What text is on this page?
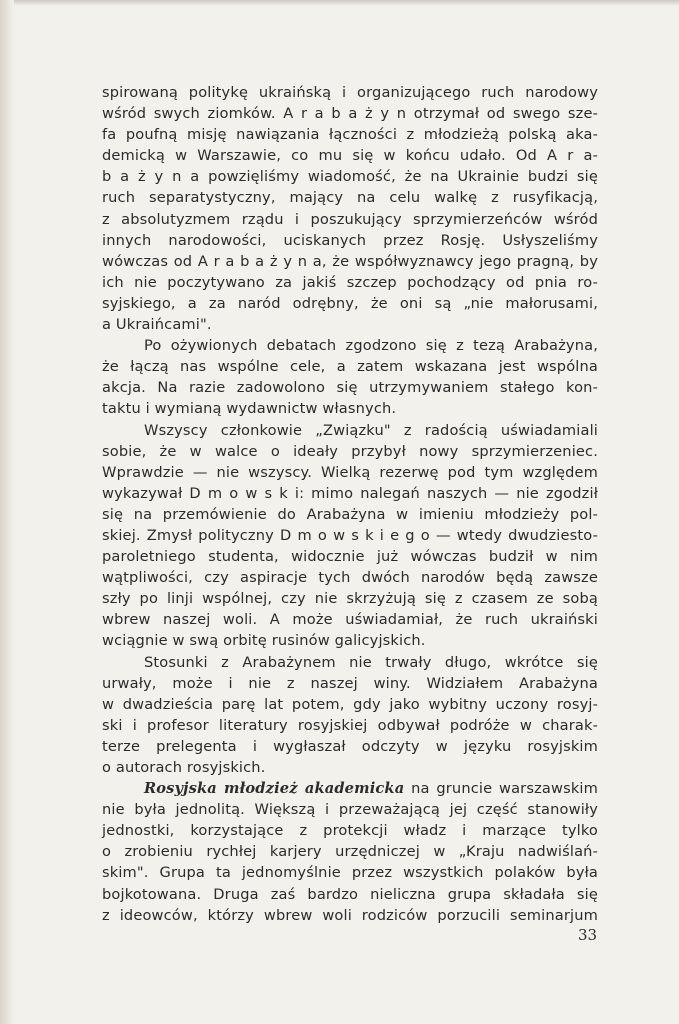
spirowaną politykę ukraińską i organizującego ruch narodowy
wśród swych ziomków. A r a b a ż y n otrzymał od swego sze-
fa poufną misję nawiązania łączności z młodzieżą polską aka-
demicką w Warszawie, co mu się w końcu udało. Od A r a-
b a ż y n a powzięliśmy wiadomość, że na Ukrainie budzi się
ruch separatystyczny, mający na celu walkę z rusyfikacją,
z absolutyzmem rządu i poszukujący sprzymierzeńców wśród
innych narodowości, uciskanych przez Rosję. Usłyszeliśmy
wówczas od A r a b a ż y n a, że współwyznawcy jego pragną, by
ich nie poczytywano za jakiś szczep pochodzący od pnia ro-
syjskiego, a za naród odrębny, że oni są „nie małorusami,
a Ukraińcami".
Po ożywionych debatach zgodzono się z tezą Arabażyna,
że łączą nas wspólne cele, a zatem wskazana jest wspólna
akcja. Na razie zadowolono się utrzymywaniem stałego kon-
taktu i wymianą wydawnictw własnych.
Wszyscy członkowie „Związku" z radością uświadamiali
sobie, że w walce o ideały przybył nowy sprzymierzeniec.
Wprawdzie — nie wszyscy. Wielką rezerwę pod tym względem
wykazywał D m o w s k i: mimo nalegań naszych — nie zgodził
się na przemówienie do Arabażyna w imieniu młodzieży pol-
skiej. Zmysł polityczny D m o w s k i e g o — wtedy dwudziesto-
paroletniego studenta, widocznie już wówczas budził w nim
wątpliwości, czy aspiracje tych dwóch narodów będą zawsze
szły po linji wspólnej, czy nie skrzyżują się z czasem ze sobą
wbrew naszej woli. A może uświadamiał, że ruch ukraiński
wciągnie w swą orbitę rusinów galicyjskich.
Stosunki z Arabażynem nie trwały długo, wkrótce się
urwały, może i nie z naszej winy. Widziałem Arabażyna
w dwadzieścia parę lat potem, gdy jako wybitny uczony rosyj-
ski i profesor literatury rosyjskiej odbywał podróże w charak-
terze prelegenta i wygłaszał odczyty w języku rosyjskim
o autorach rosyjskich.
Rosyjska młodzież akademicka na gruncie warszawskim
nie była jednolitą. Większą i przeważającą jej część stanowiły
jednostki, korzystające z protekcji władz i marzące tylko
o zrobieniu rychłej karjery urzędniczej w „Kraju nadwiślań-
skim". Grupa ta jednomyślnie przez wszystkich polaków była
bojkotowana. Druga zaś bardzo nieliczna grupa składała się
z ideowców, którzy wbrew woli rodziców porzucili seminarjum
33
